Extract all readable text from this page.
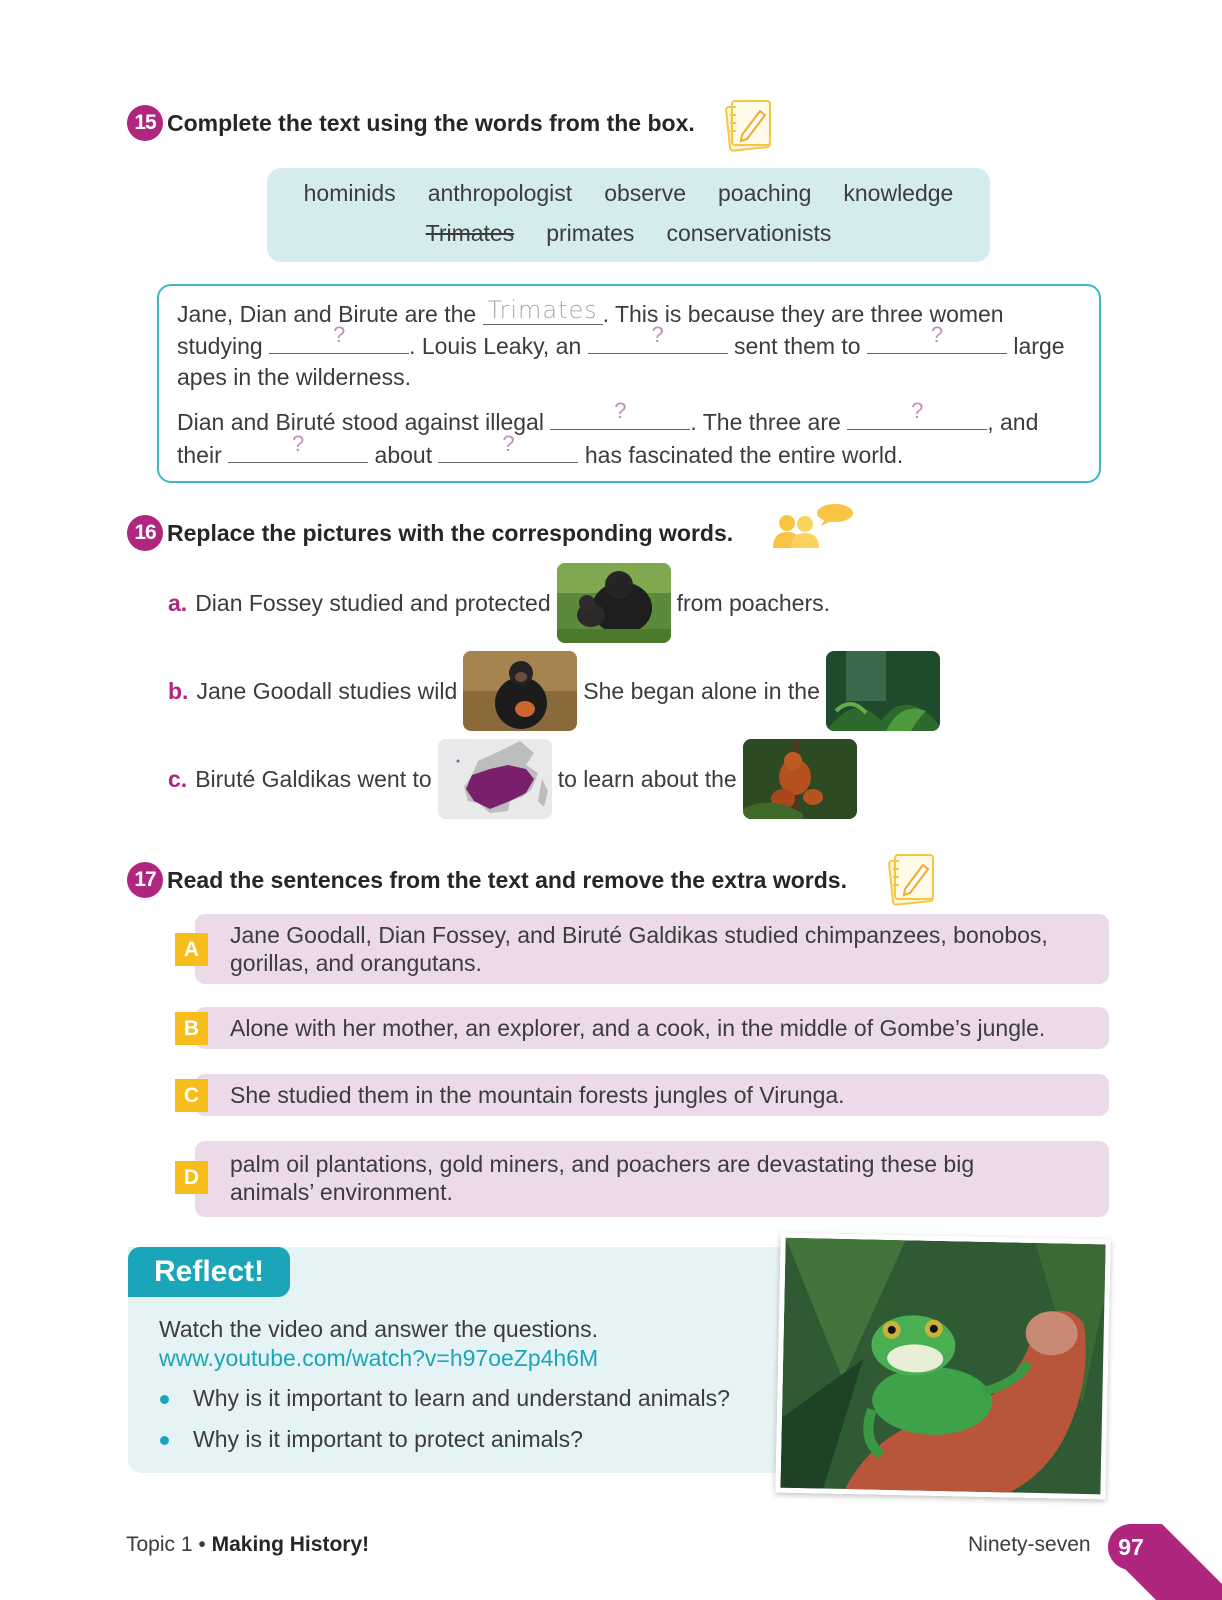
15 Complete the text using the words from the box.
hominids anthropologist observe poaching knowledge
Trimates primates conservationists
Jane, Dian and Birute are the Trimates . This is because they are three women
studying	?	. Louis Leaky, an	?	sent them to	?	large
apes in the wilderness.
Dian and Biruté stood against illegal	?	. The three are	?	, and
their	?	about	?	has fascinated the entire world.
16 Replace the pictures with the corresponding words.
a. Dian Fossey studied and protected	from poachers.
b. Jane Goodall studies wild	She began alone in the
c. Biruté Galdikas went to	to learn about the
17 Read the sentences from the text and remove the extra words.
Jane Goodall, Dian Fossey, and Biruté Galdikas studied chimpanzees, bonobos, gorillas, and orangutans.
A
Alone with her mother, an explorer, and a cook, in the middle of Gombe’s jungle.
B
She studied them in the mountain forests jungles of Virunga.
C
palm oil plantations, gold miners, and poachers are devastating these big animals’ environment.
D
Reflect!
Watch the video and answer the questions.
www.youtube.com/watch?v=h97oeZp4h6M
Why is it important to learn and understand animals?
Why is it important to protect animals?
Topic 1 • Making History!	Ninety-seven	97
